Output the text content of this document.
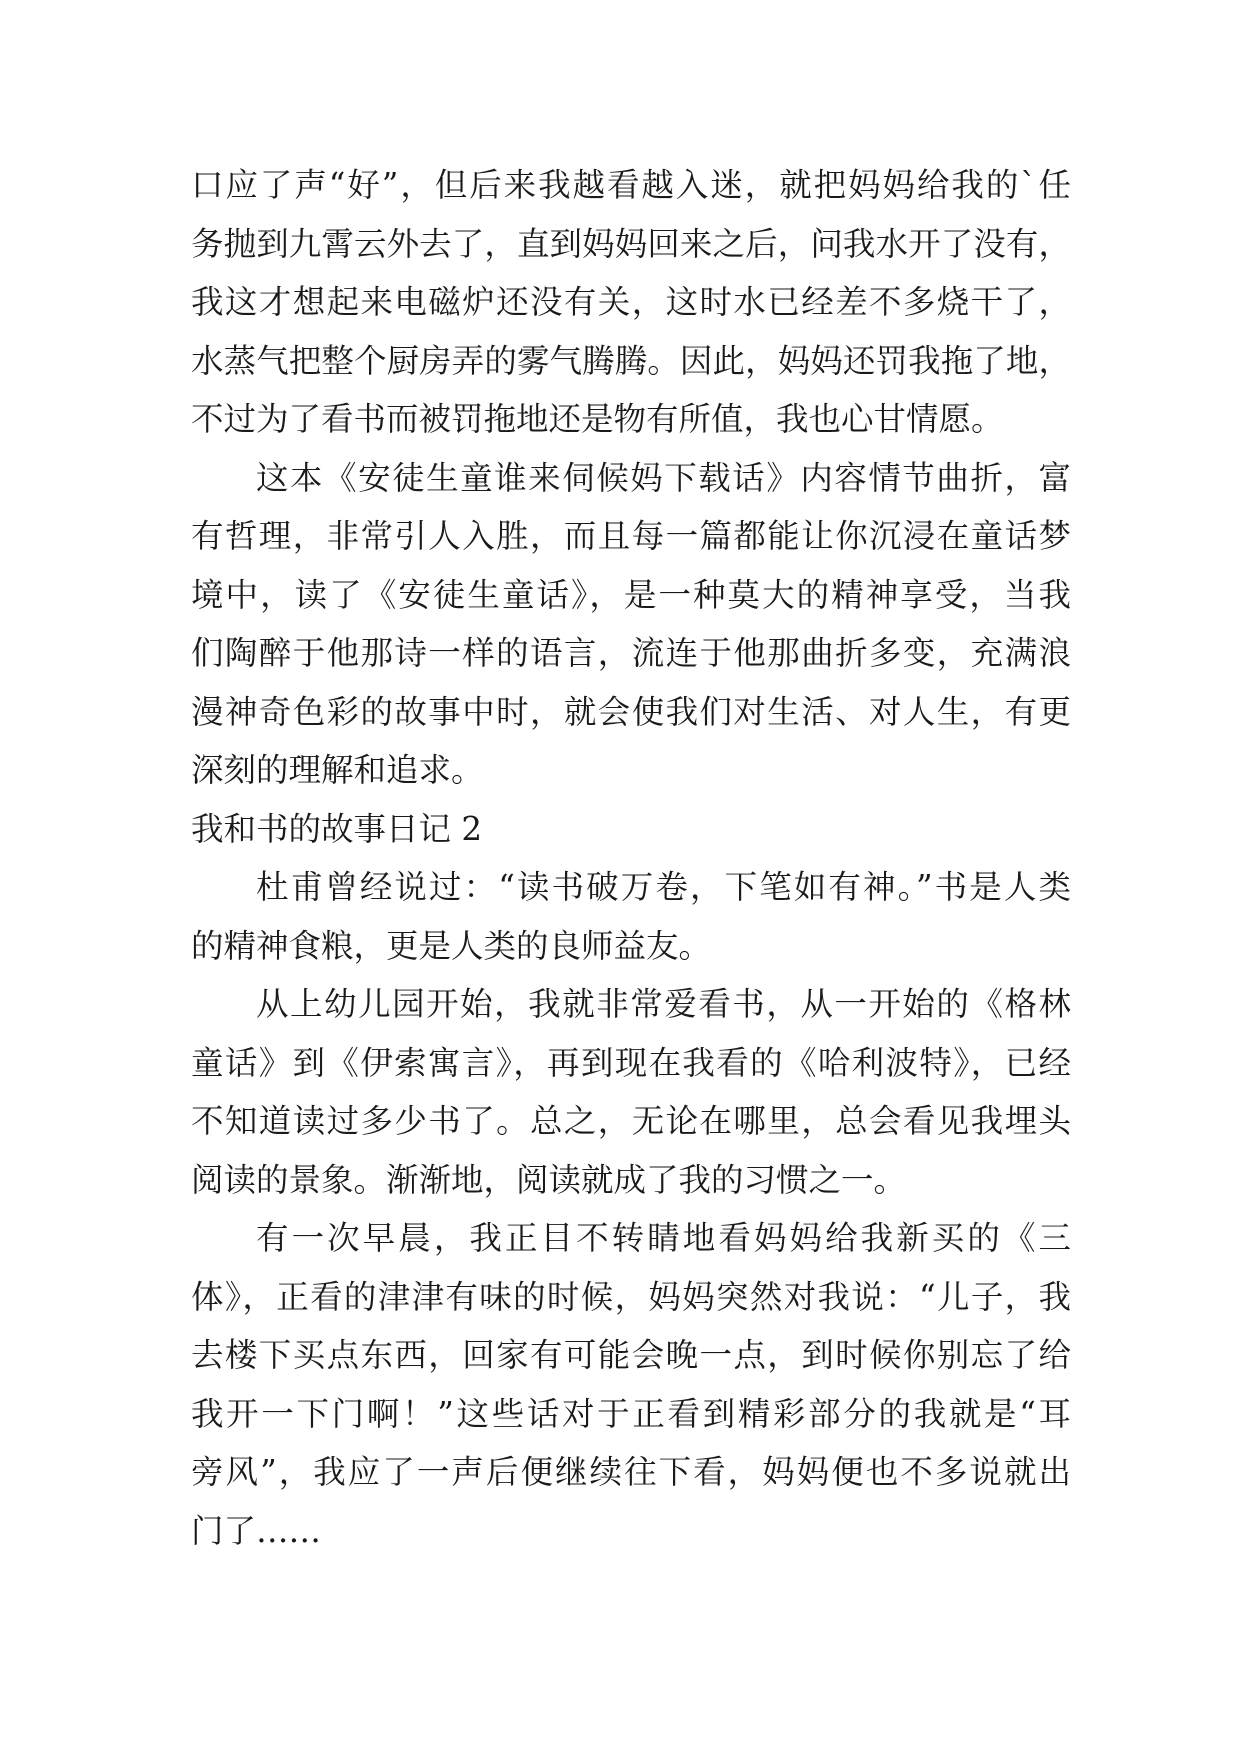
口应了声“好”，但后来我越看越入迷，就把妈妈给我的`任
务抛到九霄云外去了，直到妈妈回来之后，问我水开了没有，
我这才想起来电磁炉还没有关，这时水已经差不多烧干了，
水蒸气把整个厨房弄的雾气腾腾。因此，妈妈还罚我拖了地，
不过为了看书而被罚拖地还是物有所值，我也心甘情愿。
这本《安徒生童谁来伺候妈下载话》内容情节曲折，富
有哲理，非常引人入胜，而且每一篇都能让你沉浸在童话梦
境中，读了《安徒生童话》，是一种莫大的精神享受，当我
们陶醉于他那诗一样的语言，流连于他那曲折多变，充满浪
漫神奇色彩的故事中时，就会使我们对生活、对人生，有更
深刻的理解和追求。
我和书的故事日记 2
杜甫曾经说过：“读书破万卷，下笔如有神。”书是人类
的精神食粮，更是人类的良师益友。
从上幼儿园开始，我就非常爱看书，从一开始的《格林
童话》到《伊索寓言》，再到现在我看的《哈利波特》，已经
不知道读过多少书了。总之，无论在哪里，总会看见我埋头
阅读的景象。渐渐地，阅读就成了我的习惯之一。
有一次早晨，我正目不转睛地看妈妈给我新买的《三
体》，正看的津津有味的时候，妈妈突然对我说：“儿子，我
去楼下买点东西，回家有可能会晚一点，到时候你别忘了给
我开一下门啊！”这些话对于正看到精彩部分的我就是“耳
旁风”，我应了一声后便继续往下看，妈妈便也不多说就出
门了……
